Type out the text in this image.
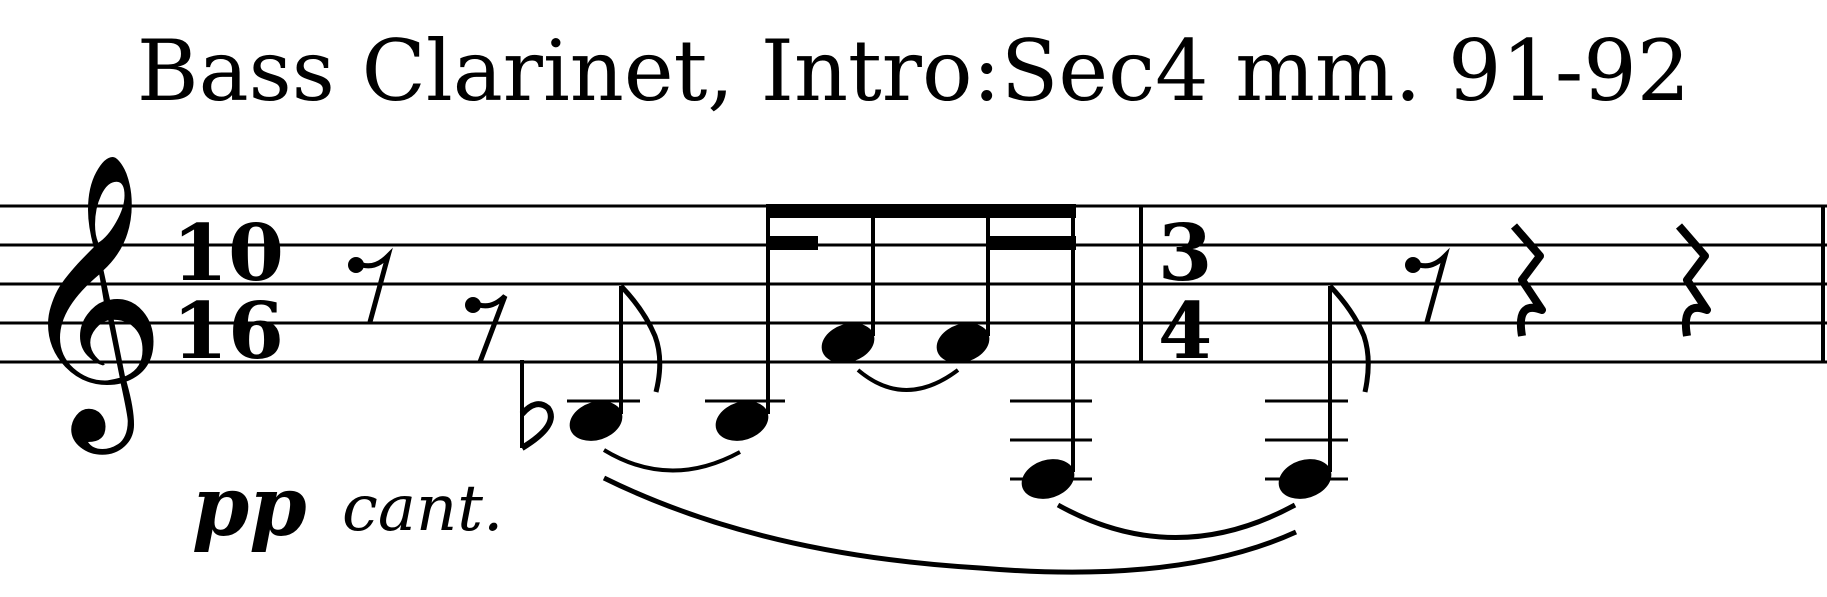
Bass Clarinet, Intro:Sec4 mm. 91-92
𝄞 10
16
3
4
pp cant.
